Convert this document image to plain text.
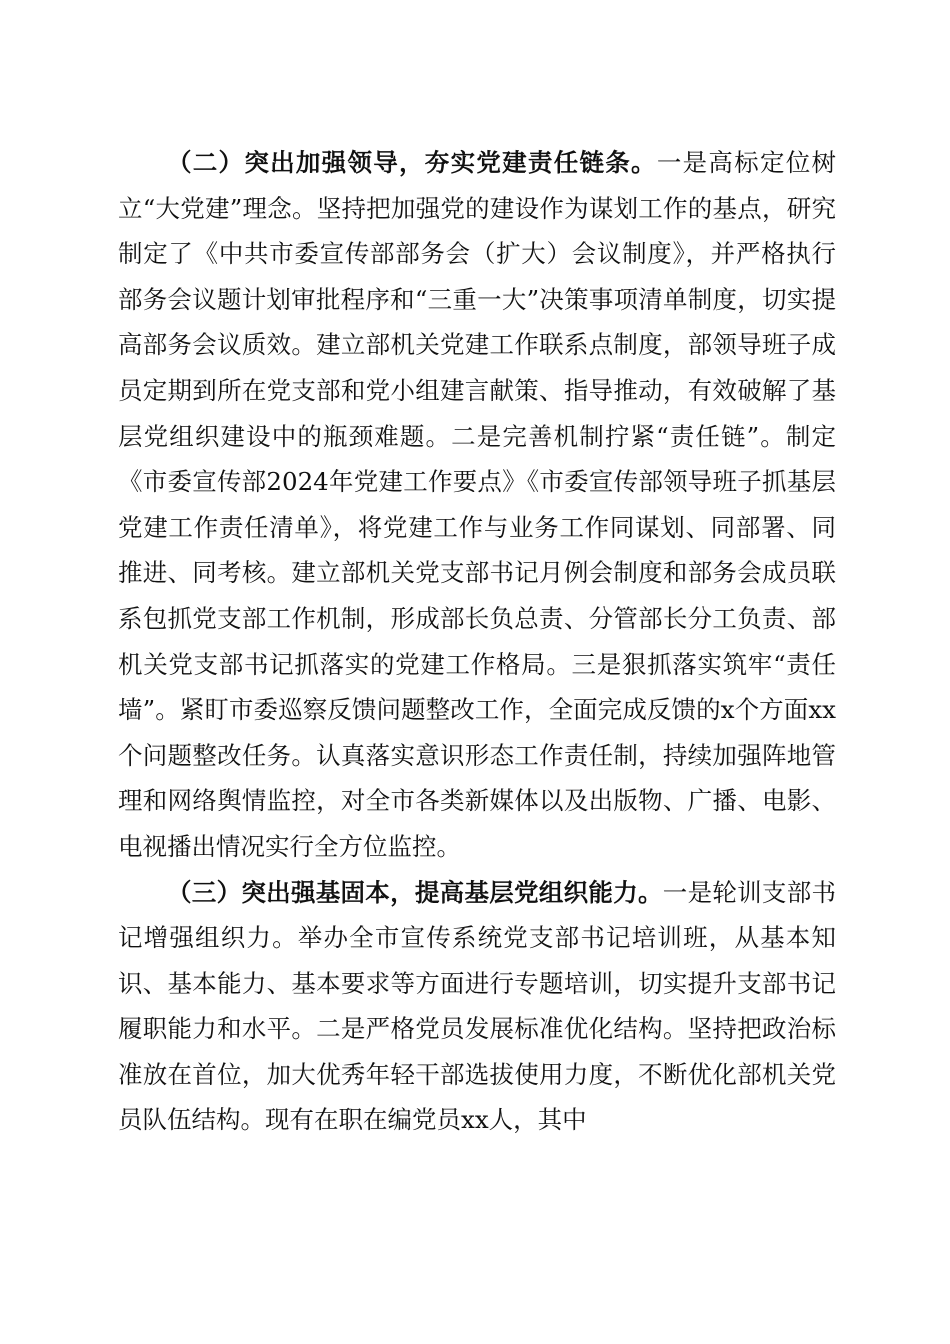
（二）突出加强领导，夯实党建责任链条。一是高标定位树立“大党建”理念。坚持把加强党的建设作为谋划工作的基点，研究制定了《中共市委宣传部部务会（扩大）会议制度》，并严格执行部务会议题计划审批程序和“三重一大”决策事项清单制度，切实提高部务会议质效。建立部机关党建工作联系点制度，部领导班子成员定期到所在党支部和党小组建言献策、指导推动，有效破解了基层党组织建设中的瓶颈难题。二是完善机制拧紧“责任链”。制定《市委宣传部2024年党建工作要点》《市委宣传部领导班子抓基层党建工作责任清单》，将党建工作与业务工作同谋划、同部署、同推进、同考核。建立部机关党支部书记月例会制度和部务会成员联系包抓党支部工作机制，形成部长负总责、分管部长分工负责、部机关党支部书记抓落实的党建工作格局。三是狠抓落实筑牢“责任墙”。紧盯市委巡察反馈问题整改工作，全面完成反馈的x个方面xx个问题整改任务。认真落实意识形态工作责任制，持续加强阵地管理和网络舆情监控，对全市各类新媒体以及出版物、广播、电影、电视播出情况实行全方位监控。

（三）突出强基固本，提高基层党组织能力。一是轮训支部书记增强组织力。举办全市宣传系统党支部书记培训班，从基本知识、基本能力、基本要求等方面进行专题培训，切实提升支部书记履职能力和水平。二是严格党员发展标准优化结构。坚持把政治标准放在首位，加大优秀年轻干部选拔使用力度，不断优化部机关党员队伍结构。现有在职在编党员xx人，其中
